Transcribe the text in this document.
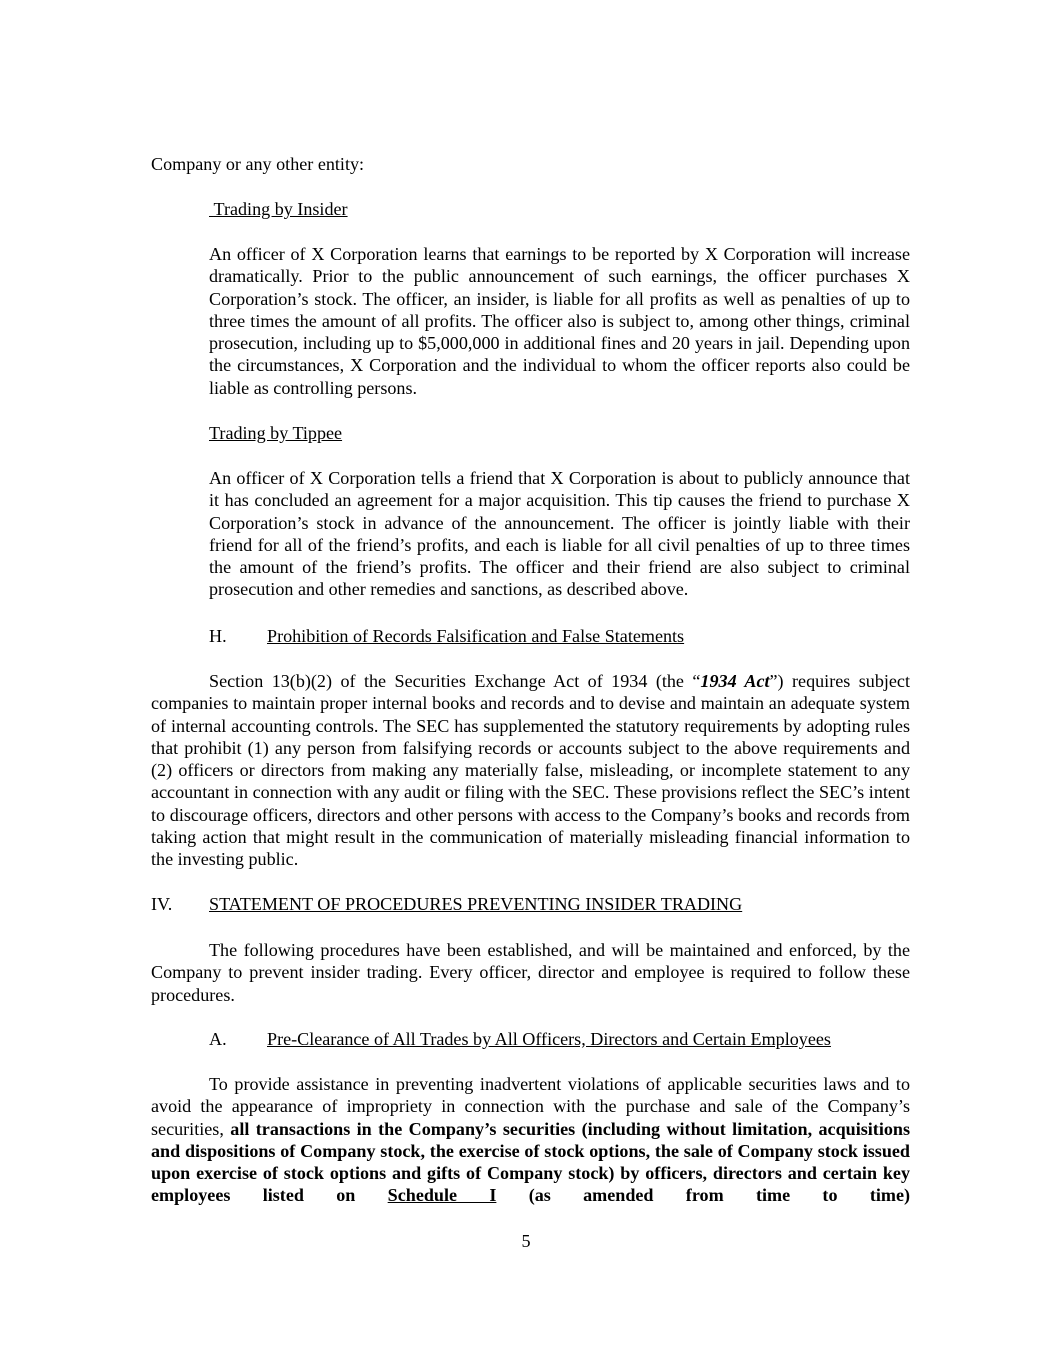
Company or any other entity:

Trading by Insider

An officer of X Corporation learns that earnings to be reported by X Corporation will increase dramatically. Prior to the public announcement of such earnings, the officer purchases X Corporation’s stock. The officer, an insider, is liable for all profits as well as penalties of up to three times the amount of all profits. The officer also is subject to, among other things, criminal prosecution, including up to $5,000,000 in additional fines and 20 years in jail. Depending upon the circumstances, X Corporation and the individual to whom the officer reports also could be liable as controlling persons.

Trading by Tippee

An officer of X Corporation tells a friend that X Corporation is about to publicly announce that it has concluded an agreement for a major acquisition. This tip causes the friend to purchase X Corporation’s stock in advance of the announcement. The officer is jointly liable with their friend for all of the friend’s profits, and each is liable for all civil penalties of up to three times the amount of the friend’s profits. The officer and their friend are also subject to criminal prosecution and other remedies and sanctions, as described above.

H. Prohibition of Records Falsification and False Statements

Section 13(b)(2) of the Securities Exchange Act of 1934 (the “1934 Act”) requires subject companies to maintain proper internal books and records and to devise and maintain an adequate system of internal accounting controls. The SEC has supplemented the statutory requirements by adopting rules that prohibit (1) any person from falsifying records or accounts subject to the above requirements and (2) officers or directors from making any materially false, misleading, or incomplete statement to any accountant in connection with any audit or filing with the SEC. These provisions reflect the SEC’s intent to discourage officers, directors and other persons with access to the Company’s books and records from taking action that might result in the communication of materially misleading financial information to the investing public.

IV. STATEMENT OF PROCEDURES PREVENTING INSIDER TRADING

The following procedures have been established, and will be maintained and enforced, by the Company to prevent insider trading. Every officer, director and employee is required to follow these procedures.

A. Pre-Clearance of All Trades by All Officers, Directors and Certain Employees

To provide assistance in preventing inadvertent violations of applicable securities laws and to avoid the appearance of impropriety in connection with the purchase and sale of the Company’s securities, all transactions in the Company’s securities (including without limitation, acquisitions and dispositions of Company stock, the exercise of stock options, the sale of Company stock issued upon exercise of stock options and gifts of Company stock) by officers, directors and certain key employees listed on Schedule I (as amended from time to time)

5
